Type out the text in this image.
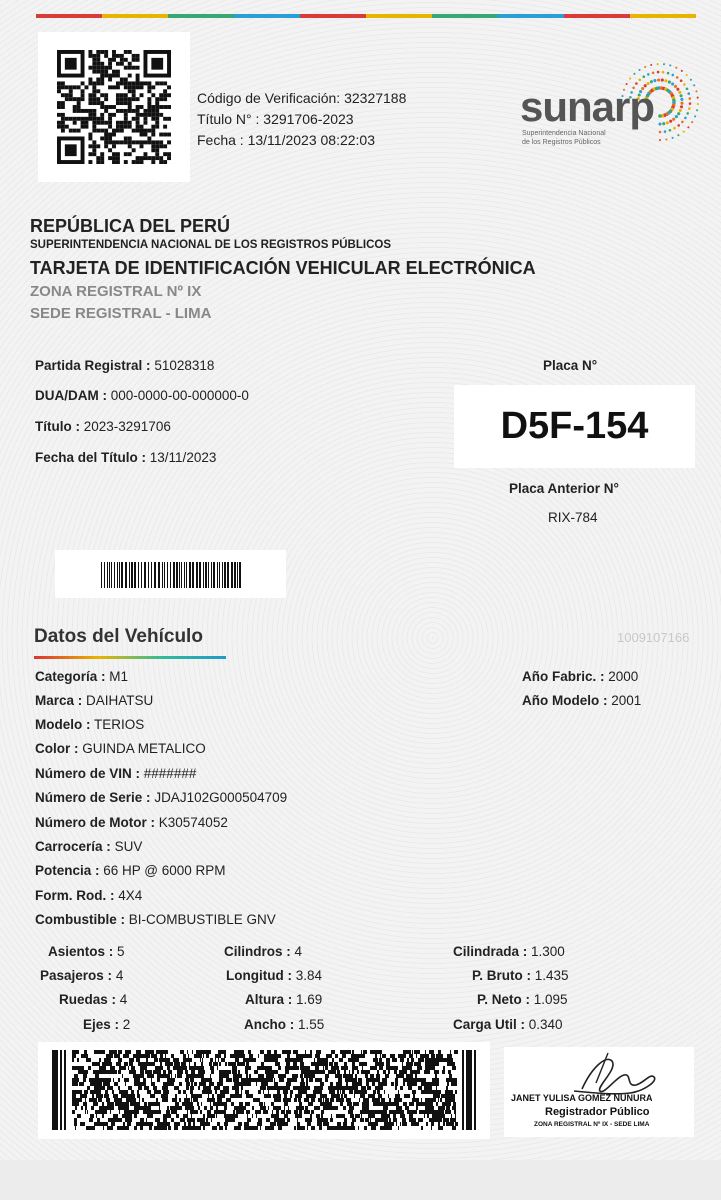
Código de Verificación: 32327188
Título N° : 3291706-2023
Fecha : 13/11/2023 08:22:03
sunarp
Superintendencia Nacional
de los Registros Públicos
REPÚBLICA DEL PERÚ
SUPERINTENDENCIA NACIONAL DE LOS REGISTROS PÚBLICOS
TARJETA DE IDENTIFICACIÓN VEHICULAR ELECTRÓNICA
ZONA REGISTRAL Nº IX
SEDE REGISTRAL - LIMA
Partida Registral : 51028318
DUA/DAM : 000-0000-00-000000-0
Título : 2023-3291706
Fecha del Título : 13/11/2023
Placa N°
D5F-154
Placa Anterior N°
RIX-784
Datos del Vehículo	1009107166
Categoría : M1
Marca : DAIHATSU
Modelo : TERIOS
Color : GUINDA METALICO
Número de VIN : #######
Número de Serie : JDAJ102G000504709
Número de Motor : K30574052
Carrocería : SUV
Potencia : 66 HP @ 6000 RPM
Form. Rod. : 4X4
Combustible : BI-COMBUSTIBLE GNV
Año Fabric. : 2000
Año Modelo : 2001
Asientos : 5
Pasajeros : 4
Ruedas : 4
Ejes : 2
Cilindros : 4
Longitud : 3.84
Altura : 1.69
Ancho : 1.55
Cilindrada : 1.300
P. Bruto : 1.435
P. Neto : 1.095
Carga Util : 0.340
JANET YULISA GOMEZ NUNURA
Registrador Público
ZONA REGISTRAL Nº IX - SEDE LIMA
